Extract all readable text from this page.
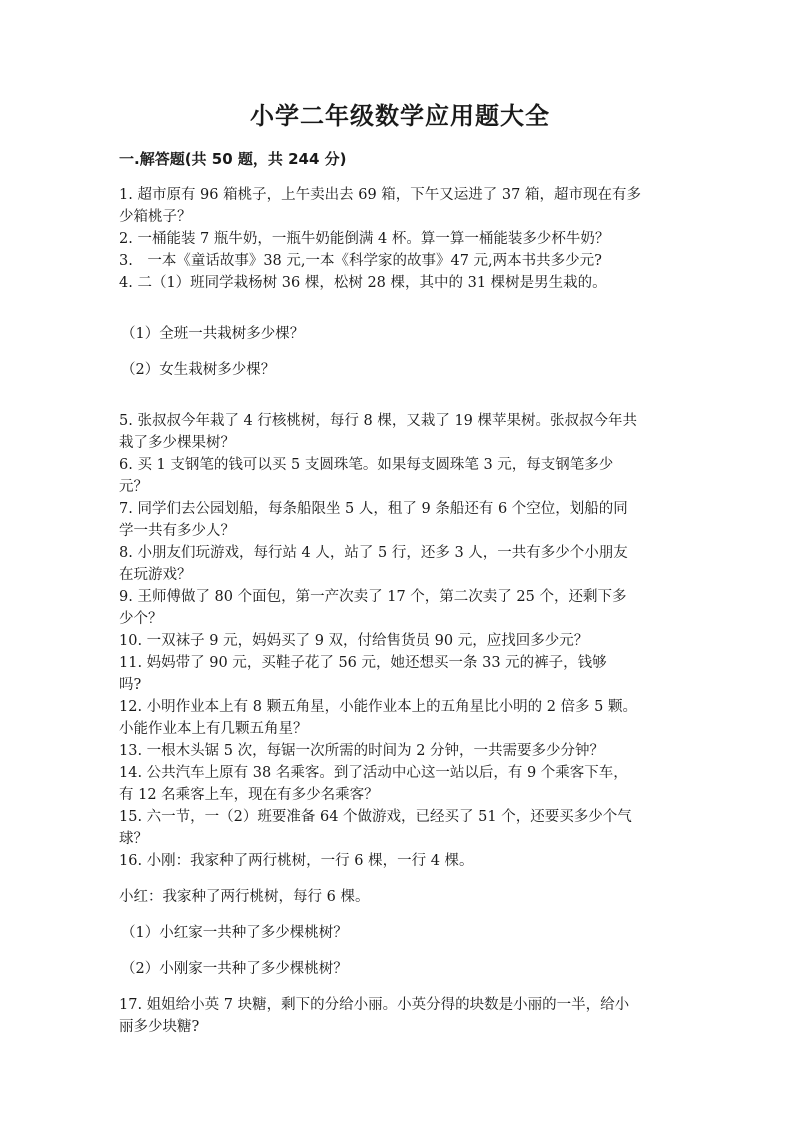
小学二年级数学应用题大全
一.解答题(共 50 题，共 244 分)

1. 超市原有 96 箱桃子，上午卖出去 69 箱，下午又运进了 37 箱，超市现在有多

少箱桃子？

2. 一桶能装 7 瓶牛奶，一瓶牛奶能倒满 4 杯。算一算一桶能装多少杯牛奶？

3.　一本《童话故事》38 元,一本《科学家的故事》47 元,两本书共多少元?

4. 二（1）班同学栽杨树 36 棵，松树 28 棵，其中的 31 棵树是男生栽的。

（1）全班一共栽树多少棵？

（2）女生栽树多少棵？

5. 张叔叔今年栽了 4 行核桃树，每行 8 棵，又栽了 19 棵苹果树。张叔叔今年共

栽了多少棵果树？

6. 买 1 支钢笔的钱可以买 5 支圆珠笔。如果每支圆珠笔 3 元，每支钢笔多少

元？

7. 同学们去公园划船，每条船限坐 5 人，租了 9 条船还有 6 个空位，划船的同

学一共有多少人？

8. 小朋友们玩游戏，每行站 4 人，站了 5 行，还多 3 人，一共有多少个小朋友

在玩游戏？

9. 王师傅做了 80 个面包，第一产次卖了 17 个，第二次卖了 25 个，还剩下多

少个？

10. 一双袜子 9 元，妈妈买了 9 双，付给售货员 90 元，应找回多少元？

11. 妈妈带了 90 元，买鞋子花了 56 元，她还想买一条 33 元的裤子，钱够

吗?

12. 小明作业本上有 8 颗五角星，小能作业本上的五角星比小明的 2 倍多 5 颗。

小能作业本上有几颗五角星？

13. 一根木头锯 5 次，每锯一次所需的时间为 2 分钟，一共需要多少分钟？

14. 公共汽车上原有 38 名乘客。到了活动中心这一站以后，有 9 个乘客下车，

有 12 名乘客上车，现在有多少名乘客？

15. 六一节，一（2）班要准备 64 个做游戏，已经买了 51 个，还要买多少个气

球？

16. 小刚：我家种了两行桃树，一行 6 棵，一行 4 棵。

小红：我家种了两行桃树，每行 6 棵。

（1）小红家一共种了多少棵桃树？

（2）小刚家一共种了多少棵桃树？

17. 姐姐给小英 7 块糖，剩下的分给小丽。小英分得的块数是小丽的一半，给小

丽多少块糖?
